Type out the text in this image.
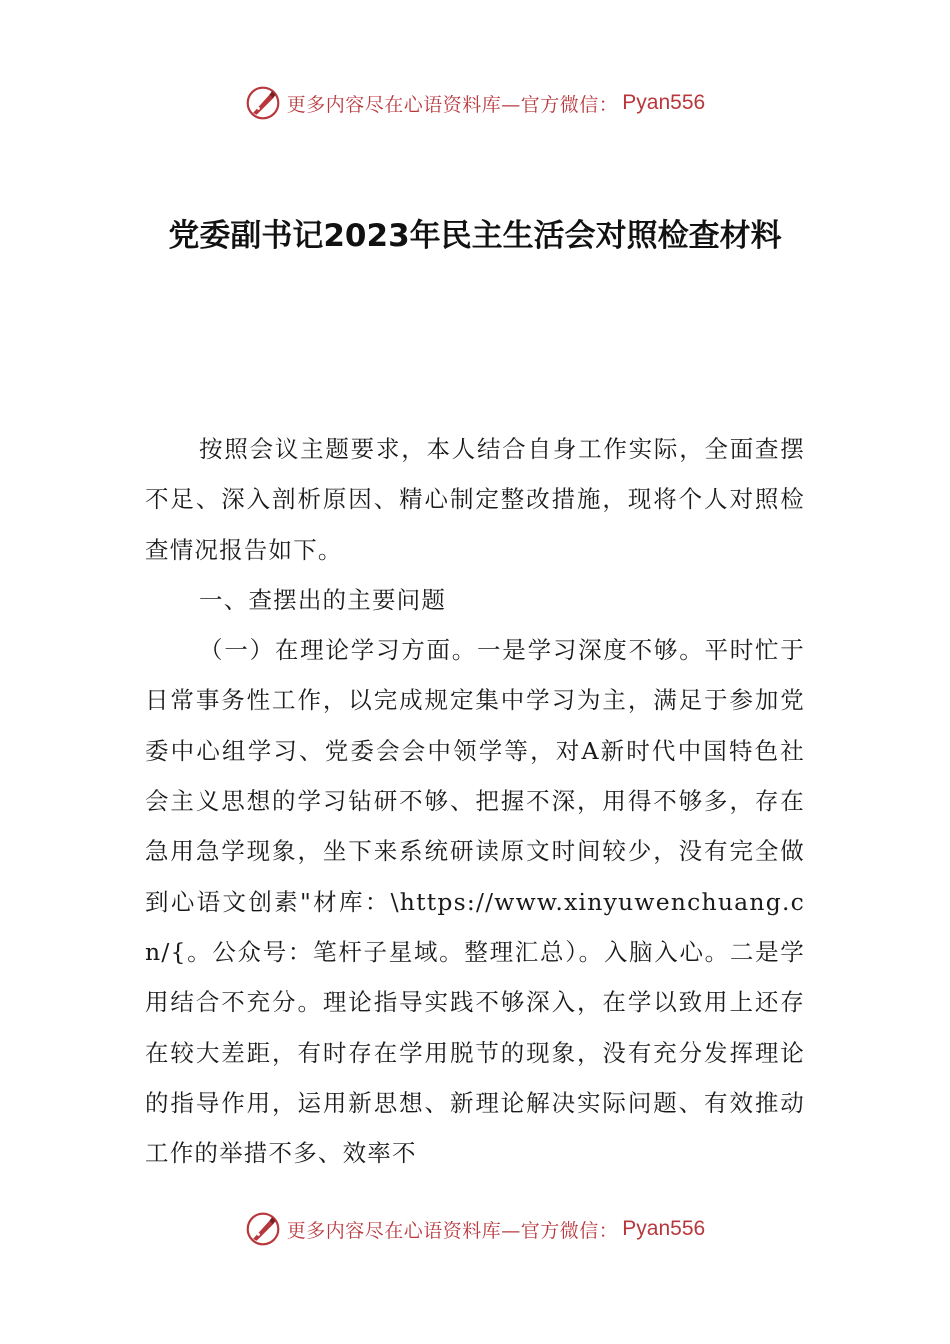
更多内容尽在心语资料库—官方微信： Pyan556
党委副书记2023年民主生活会对照检查材料

按照会议主题要求，本人结合自身工作实际，全面查摆不足、深入剖析原因、精心制定整改措施，现将个人对照检查情况报告如下。

一、查摆出的主要问题

（一）在理论学习方面。一是学习深度不够。平时忙于日常事务性工作，以完成规定集中学习为主，满足于参加党委中心组学习、党委会会中领学等，对A新时代中国特色社会主义思想的学习钻研不够、把握不深，用得不够多，存在急用急学现象，坐下来系统研读原文时间较少，没有完全做到心语文创素"材库：\https://www.xinyuwenchuang.cn/{。公众号：笔杆子星域。整理汇总）。入脑入心。二是学用结合不充分。理论指导实践不够深入，在学以致用上还存在较大差距，有时存在学用脱节的现象，没有充分发挥理论的指导作用，运用新思想、新理论解决实际问题、有效推动工作的举措不多、效率不

更多内容尽在心语资料库—官方微信： Pyan556
